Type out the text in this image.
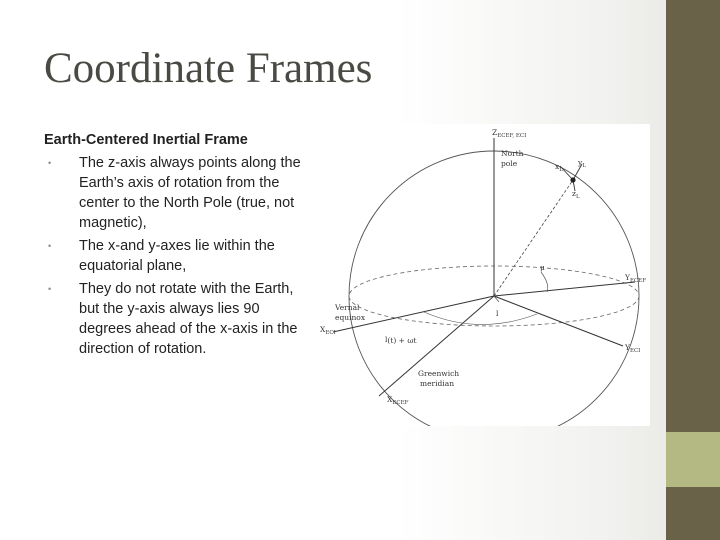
Coordinate Frames
Earth-Centered Inertial Frame
• The z-axis always points along the Earth’s axis of rotation from the center to the North Pole (true, not magnetic),
• The x-and y-axes lie within the equatorial plane,
• They do not rotate with the Earth, but the y-axis always lies 90 degrees ahead of the x-axis in the direction of rotation.
$Z_{ECEF, ECI}$
North
pole	$x_L$
$y_L$
$z_L$
μ
$Y_{ECEF}$
Vernal
equinox
$X_{ECI}$
l(t) + ωt
l
$Y_{ECI}$
Greenwich
meridian
$X_{ECEF}$
